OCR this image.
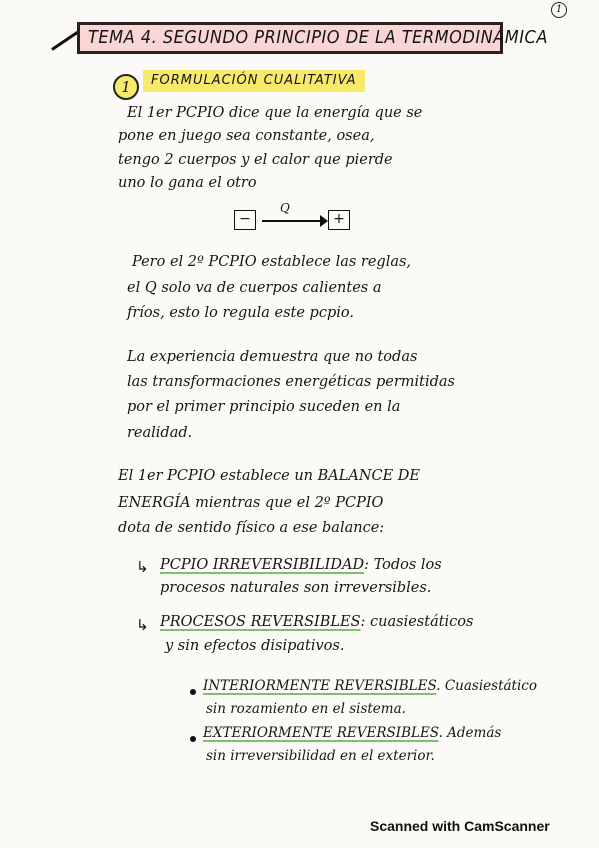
1
TEMA 4. SEGUNDO PRINCIPIO DE LA TERMODINÁMICA
1	FORMULACIÓN CUALITATIVA
El 1er PCPIO dice que la energía que se
pone en juego sea constante, osea,
tengo 2 cuerpos y el calor que pierde
uno lo gana el otro
−
Q
+
Pero el 2º PCPIO establece las reglas,
el Q solo va de cuerpos calientes a
fríos, esto lo regula este pcpio.
La experiencia demuestra que no todas
las transformaciones energéticas permitidas
por el primer principio suceden en la
realidad.
El 1er PCPIO establece un BALANCE DE
ENERGÍA mientras que el 2º PCPIO
dota de sentido físico a ese balance:
↳ PCPIO IRREVERSIBILIDAD: Todos los
procesos naturales son irreversibles.
↳ PROCESOS REVERSIBLES: cuasiestáticos
y sin efectos disipativos.
INTERIORMENTE REVERSIBLES. Cuasiestático
sin rozamiento en el sistema.
EXTERIORMENTE REVERSIBLES. Además
sin irreversibilidad en el exterior.
Scanned with CamScanner
